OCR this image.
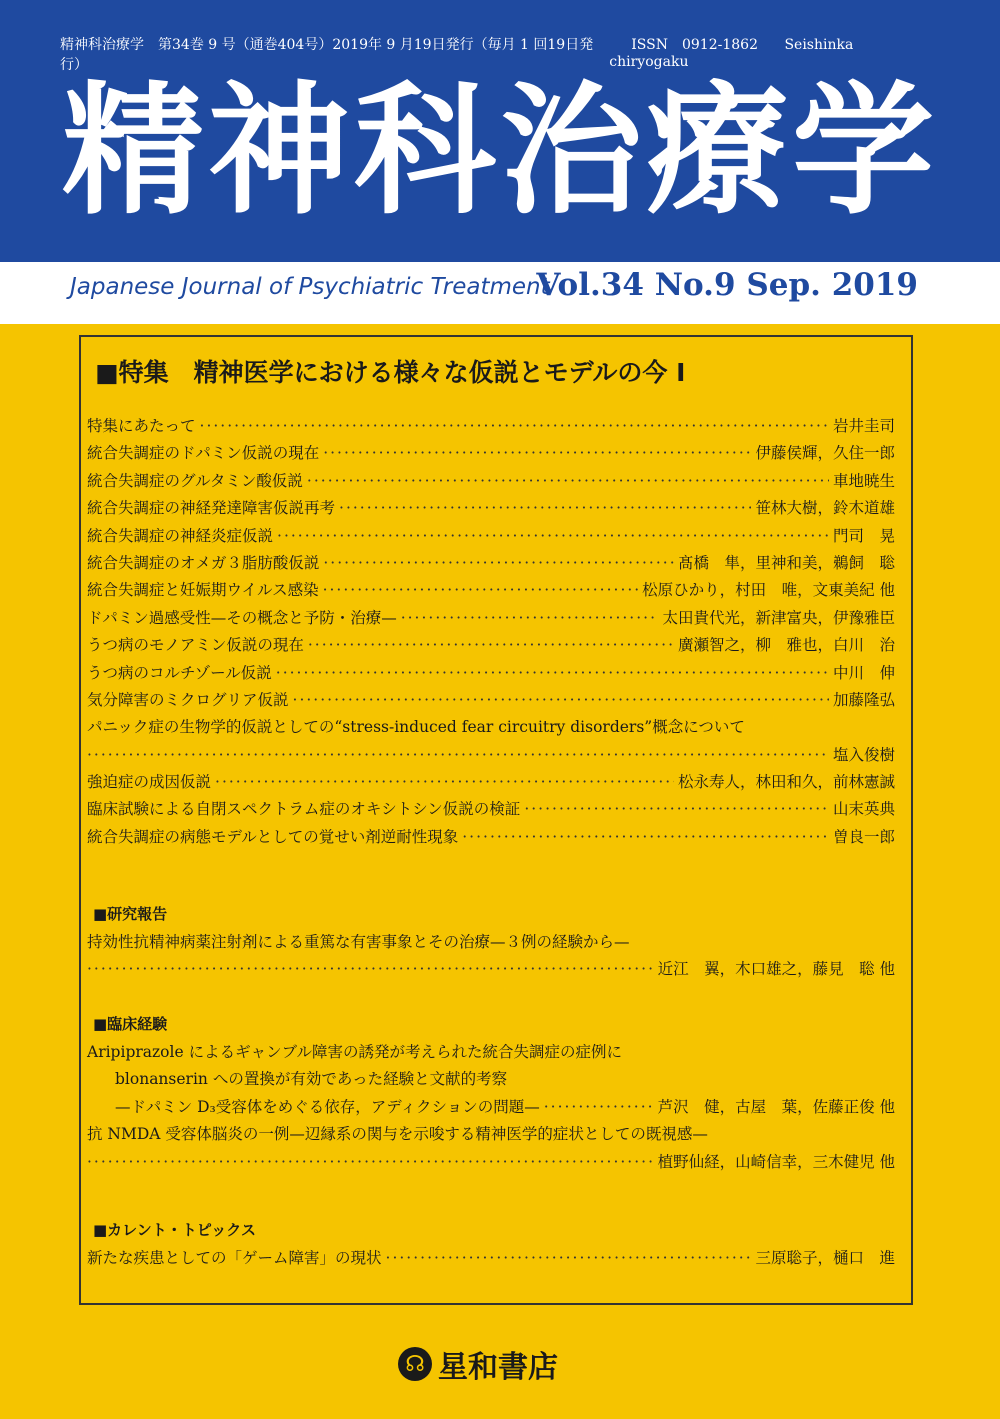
精神科治療学　第34巻 9 号（通巻404号）2019年 9 月19日発行（毎月 1 回19日発行）
ISSN　0912-1862 Seishinka chiryogaku
精神科治療学
Japanese Journal of Psychiatric Treatment
Vol.34 No.9 Sep. 2019
■特集　精神医学における様々な仮説とモデルの今 I
特集にあたって ·····	岩井圭司
統合失調症のドパミン仮説の現在 ·····	伊藤侯輝，久住一郎
統合失調症のグルタミン酸仮説 ·····	車地暁生
統合失調症の神経発達障害仮説再考 ·····	笹林大樹，鈴木道雄
統合失調症の神経炎症仮説 ·····	門司　晃
統合失調症のオメガ３脂肪酸仮説 ·····	髙橋　隼，里神和美，鵜飼　聡
統合失調症と妊娠期ウイルス感染 ·····	松原ひかり，村田　唯，文東美紀 他
ドパミン過感受性—その概念と予防・治療— ·····	太田貴代光，新津富央，伊豫雅臣
うつ病のモノアミン仮説の現在 ·····	廣瀬智之，柳　雅也，白川　治
うつ病のコルチゾール仮説 ·····	中川　伸
気分障害のミクログリア仮説 ·····	加藤隆弘
パニック症の生物学的仮説としての“stress-induced fear circuitry disorders”概念について
·····
塩入俊樹
強迫症の成因仮説 ·····	松永寿人，林田和久，前林憲誠
臨床試験による自閉スペクトラム症のオキシトシン仮説の検証 ·····	山末英典
統合失調症の病態モデルとしての覚せい剤逆耐性現象 ·····	曽良一郎
■研究報告
持効性抗精神病薬注射剤による重篤な有害事象とその治療—３例の経験から—
·····
近江　翼，木口雄之，藤見　聡 他
■臨床経験
Aripiprazole によるギャンブル障害の誘発が考えられた統合失調症の症例に
blonanserin への置換が有効であった経験と文献的考察
—ドパミン D₃受容体をめぐる依存，アディクションの問題— ·····	芦沢　健，古屋　葉，佐藤正俊 他
抗 NMDA 受容体脳炎の一例—辺縁系の関与を示唆する精神医学的症状としての既視感—
·····
植野仙経，山崎信幸，三木健児 他
■カレント・トピックス
新たな疾患としての「ゲーム障害」の現状 ·····	三原聡子，樋口　進
☊ 星和書店
